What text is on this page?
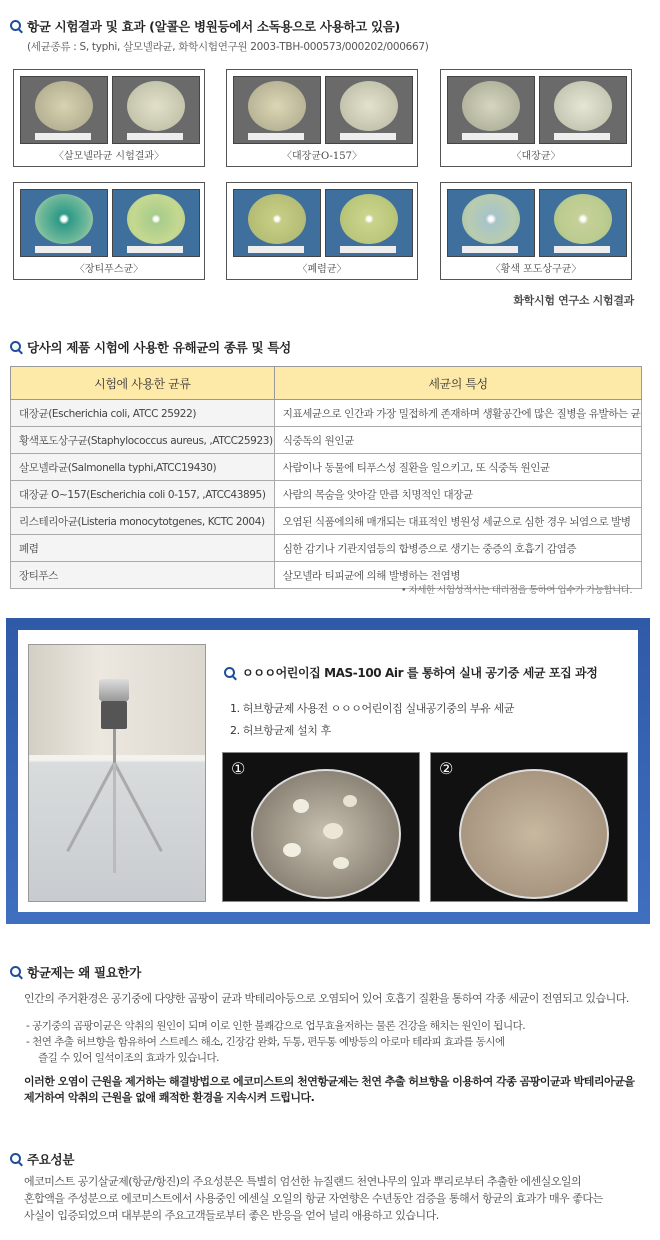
항균 시험결과 및 효과 (알콜은 병원등에서 소독용으로 사용하고 있음)
(세균종류 : S, typhi, 살모넬라균, 화학시험연구원 2003-TBH-000573/000202/000667)
〈살모넬라균 시험결과〉	〈대장균O-157〉	〈대장균〉
〈장티푸스균〉	〈폐렴균〉	〈황색 포도상구균〉
화학시험 연구소 시험결과
당사의 제품 시험에 사용한 유해균의 종류 및 특성
시험에 사용한 균류	세균의 특성
대장균(Escherichia coli, ATCC 25922)	지표세균으로 인간과 가장 밀접하게 존재하며 생활공간에 많은 질병을 유발하는 균
황색포도상구균(Staphylococcus aureus, ,ATCC25923)	식중독의 원인균
살모넬라균(Salmonella typhi,ATCC19430)	사람이나 동물에 티푸스성 질환을 일으키고, 또 식중독 원인균
대장균 O~157(Escherichia coli 0-157, ,ATCC43895)	사람의 목숨을 앗아갈 만큼 치명적인 대장균
리스테리아균(Listeria monocytotgenes, KCTC 2004)	오염된 식품에의해 매개되는 대표적인 병원성 세균으로 심한 경우 뇌염으로 발병
폐렴	심한 감기나 기관지염등의 합병증으로 생기는 중증의 호흡기 감염증
장티푸스	살모넬라 티피균에 의해 발병하는 전염병
• 자세한 시험성적서는 대리점을 통하여 입수가 가능합니다.
ㅇㅇㅇ어린이집 MAS-100 Air 를 통하여 실내 공기중 세균 포집 과정
1. 허브항균제 사용전 ㅇㅇㅇ어린이집 실내공기중의 부유 세균
2. 허브항균제 설치 후
①	②
항균제는 왜 필요한가
인간의 주거환경은 공기중에 다양한 곰팡이 균과 박테리아등으로 오염되어 있어 호흡기 질환을 통하여 각종 세균이 전염되고 있습니다.
- 공기중의 곰팡이균은 악취의 원인이 되며 이로 인한 불쾌감으로 업무효율저하는 물론 건강을 해치는 원인이 됩니다.
- 천연 추출 허브향을 함유하여 스트레스 해소, 긴장감 완화, 두통, 편두통 예방등의 아로마 테라피 효과를 동시에
즐길 수 있어 일석이조의 효과가 있습니다.
이러한 오염이 근원을 제거하는 해결방법으로 에코미스트의 천연항균제는 천연 추출 허브향을 이용하여 각종 곰팡이균과 박테리아균을
제거하여 악취의 근원을 없애 쾌적한 환경을 지속시켜 드립니다.
주요성분
에코미스트 공기살균제(항균/항진)의 주요성분은 특별히 엄선한 뉴질랜드 천연나무의 잎과 뿌리로부터 추출한 에센실오일의
혼합액을 주성분으로 에코미스트에서 사용중인 에센실 오일의 항균 자연향은 수년동안 검증을 통해서 항균의 효과가 매우 좋다는
사실이 입증되었으며 대부분의 주요고객들로부터 좋은 반응을 얻어 널리 애용하고 있습니다.
